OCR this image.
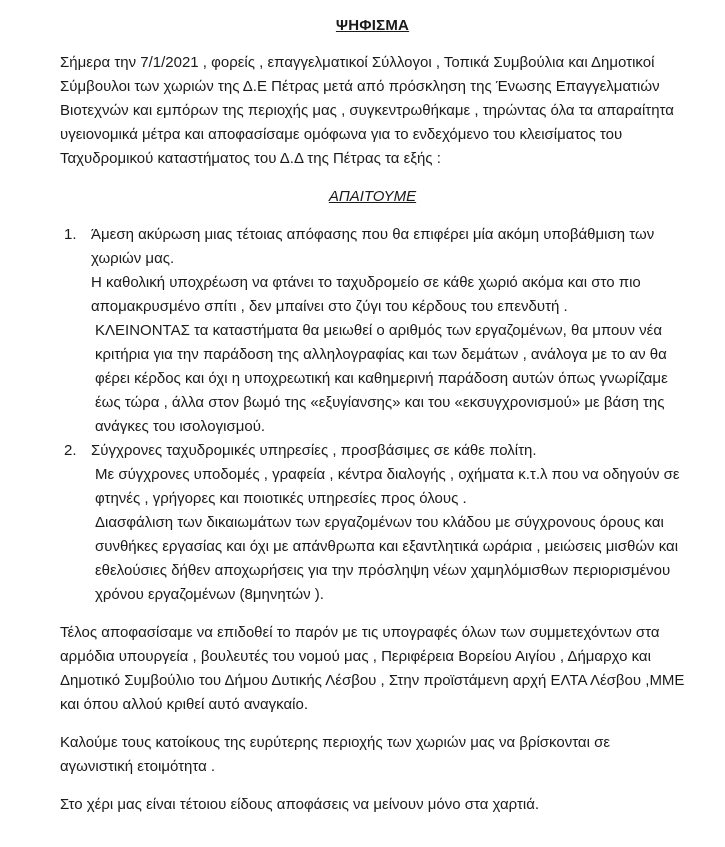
ΨΗΦΙΣΜΑ

Σήμερα την 7/1/2021 , φορείς , επαγγελματικοί Σύλλογοι , Τοπικά Συμβούλια και Δημοτικοί Σύμβουλοι των χωριών της Δ.Ε Πέτρας μετά από πρόσκληση της Ένωσης Επαγγελματιών Βιοτεχνών και εμπόρων της περιοχής μας , συγκεντρωθήκαμε , τηρώντας όλα τα απαραίτητα υγειονομικά μέτρα και αποφασίσαμε ομόφωνα για το ενδεχόμενο του κλεισίματος του Ταχυδρομικού καταστήματος του Δ.Δ της Πέτρας τα εξής :

ΑΠΑΙΤΟΥΜΕ
1. Άμεση ακύρωση μιας τέτοιας απόφασης που θα επιφέρει μία ακόμη υποβάθμιση των χωριών μας.

Η καθολική υποχρέωση να φτάνει το ταχυδρομείο σε κάθε χωριό ακόμα και στο πιο απομακρυσμένο σπίτι , δεν μπαίνει στο ζύγι του κέρδους του επενδυτή .

ΚΛΕΙΝΟΝΤΑΣ τα καταστήματα θα μειωθεί ο αριθμός των εργαζομένων, θα μπουν νέα κριτήρια για την παράδοση της αλληλογραφίας και των δεμάτων , ανάλογα με το αν θα φέρει κέρδος και όχι η υποχρεωτική και καθημερινή παράδοση αυτών όπως γνωρίζαμε έως τώρα , άλλα στον βωμό της «εξυγίανσης» και του «εκσυγχρονισμού» με βάση της ανάγκες του ισολογισμού.

2. Σύγχρονες ταχυδρομικές υπηρεσίες , προσβάσιμες σε κάθε πολίτη.

Με σύγχρονες υποδομές , γραφεία , κέντρα διαλογής , οχήματα κ.τ.λ που να οδηγούν σε φτηνές , γρήγορες και ποιοτικές υπηρεσίες προς όλους .

Διασφάλιση των δικαιωμάτων των εργαζομένων του κλάδου με σύγχρονους όρους και συνθήκες εργασίας και όχι με απάνθρωπα και εξαντλητικά ωράρια , μειώσεις μισθών και εθελούσιες δήθεν αποχωρήσεις για την πρόσληψη νέων χαμηλόμισθων περιορισμένου χρόνου εργαζομένων (8μηνητών ).

Τέλος αποφασίσαμε να επιδοθεί το παρόν με τις υπογραφές όλων των συμμετεχόντων στα αρμόδια υπουργεία , βουλευτές του νομού μας , Περιφέρεια Βορείου Αιγίου , Δήμαρχο και Δημοτικό Συμβούλιο του Δήμου Δυτικής Λέσβου , Στην προϊστάμενη αρχή ΕΛΤΑ Λέσβου ,ΜΜΕ και όπου αλλού κριθεί αυτό αναγκαίο.

Καλούμε τους κατοίκους της ευρύτερης περιοχής των χωριών μας να βρίσκονται σε αγωνιστική ετοιμότητα .

Στο χέρι μας είναι τέτοιου είδους αποφάσεις να μείνουν μόνο στα χαρτιά.
